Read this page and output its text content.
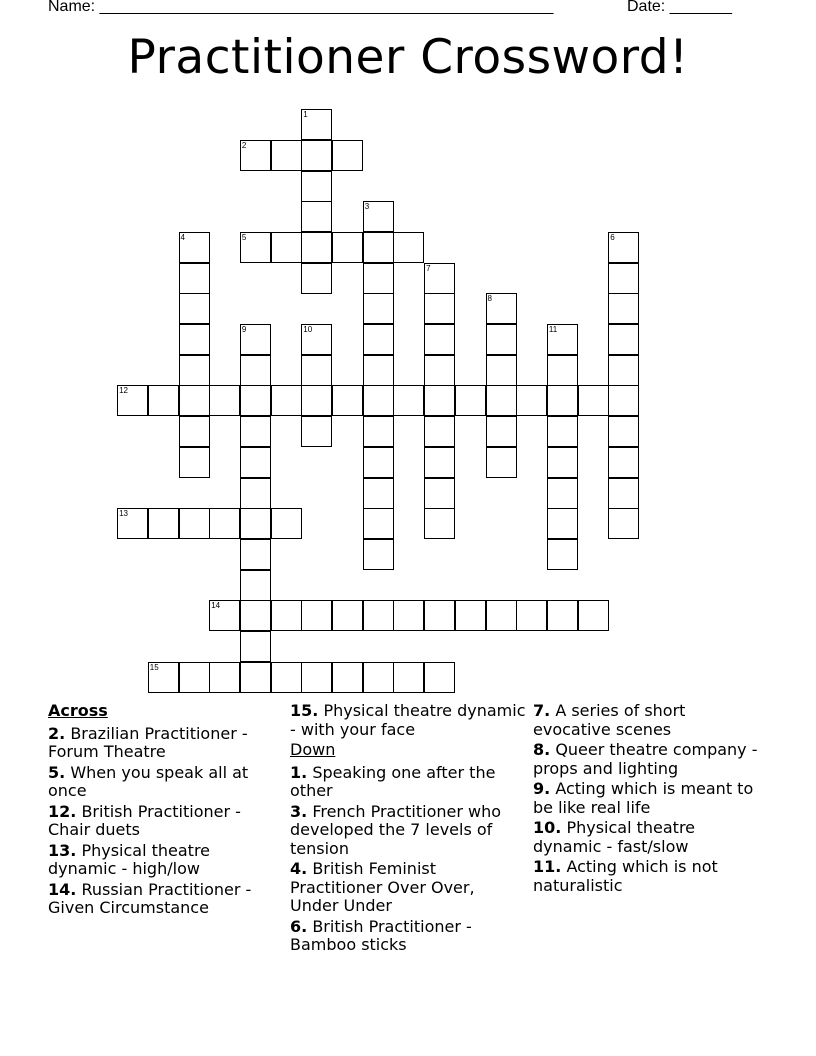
Name: ___________________________________________________	Date: _______
Practitioner Crossword!
1
2
3
4	5	6
7
8
9	10	11
12
13
14
15
Across
2. Brazilian Practitioner - Forum Theatre
5. When you speak all at once
12. British Practitioner - Chair duets
13. Physical theatre dynamic - high/low
14. Russian Practitioner - Given Circumstance
15. Physical theatre dynamic - with your face
Down
1. Speaking one after the other
3. French Practitioner who developed the 7 levels of tension
4. British Feminist Practitioner Over Over, Under Under
6. British Practitioner - Bamboo sticks
7. A series of short evocative scenes
8. Queer theatre company - props and lighting
9. Acting which is meant to be like real life
10. Physical theatre dynamic - fast/slow
11. Acting which is not naturalistic
